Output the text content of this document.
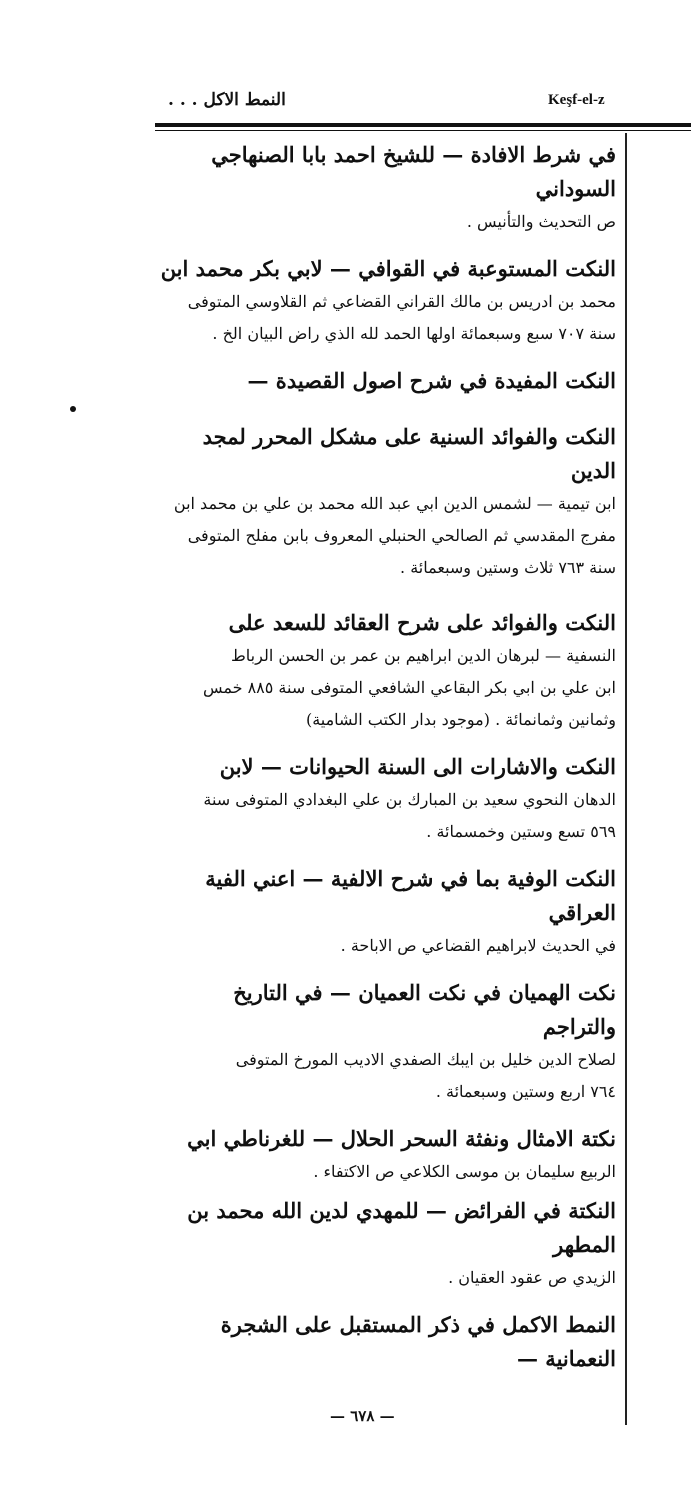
النمط الاكل . . .	Keşf-el-z

في شرط الافادة — للشيخ احمد بابا الصنهاجي السوداني

ص التحديث والتأنيس .

النكت المستوعبة في القوافي — لابي بكر محمد ابن

محمد بن ادريس بن مالك القراني القضاعي ثم القلاوسي المتوفى

سنة ٧٠٧ سبع وسبعمائة اولها الحمد لله الذي راض البيان الخ .

النكت المفيدة في شرح اصول القصيدة —

النكت والفوائد السنية على مشكل المحرر لمجد الدين

ابن تيمية — لشمس الدين ابي عبد الله محمد بن علي بن محمد ابن

مفرج المقدسي ثم الصالحي الحنبلي المعروف بابن مفلح المتوفى

سنة ٧٦٣ ثلاث وستين وسبعمائة .

النكت والفوائد على شرح العقائد للسعد على

النسفية — لبرهان الدين ابراهيم بن عمر بن الحسن الرباط

ابن علي بن ابي بكر البقاعي الشافعي المتوفى سنة ٨٨٥ خمس

وثمانين وثمانمائة . (موجود بدار الكتب الشامية)

النكت والاشارات الى السنة الحيوانات — لابن

الدهان النحوي سعيد بن المبارك بن علي البغدادي المتوفى سنة

٥٦٩ تسع وستين وخمسمائة .

النكت الوفية بما في شرح الالفية — اعني الفية العراقي

في الحديث لابراهيم القضاعي ص الاباحة .

نكت الهميان في نكت العميان — في التاريخ والتراجم

لصلاح الدين خليل بن ايبك الصفدي الاديب المورخ المتوفى

٧٦٤ اربع وستين وسبعمائة .

نكتة الامثال ونفثة السحر الحلال — للغرناطي ابي

الربيع سليمان بن موسى الكلاعي ص الاكتفاء .

النكتة في الفرائض — للمهدي لدين الله محمد بن المطهر

الزيدي ص عقود العقيان .

النمط الاكمل في ذكر المستقبل على الشجرة النعمانية —

— ٦٧٨ —
